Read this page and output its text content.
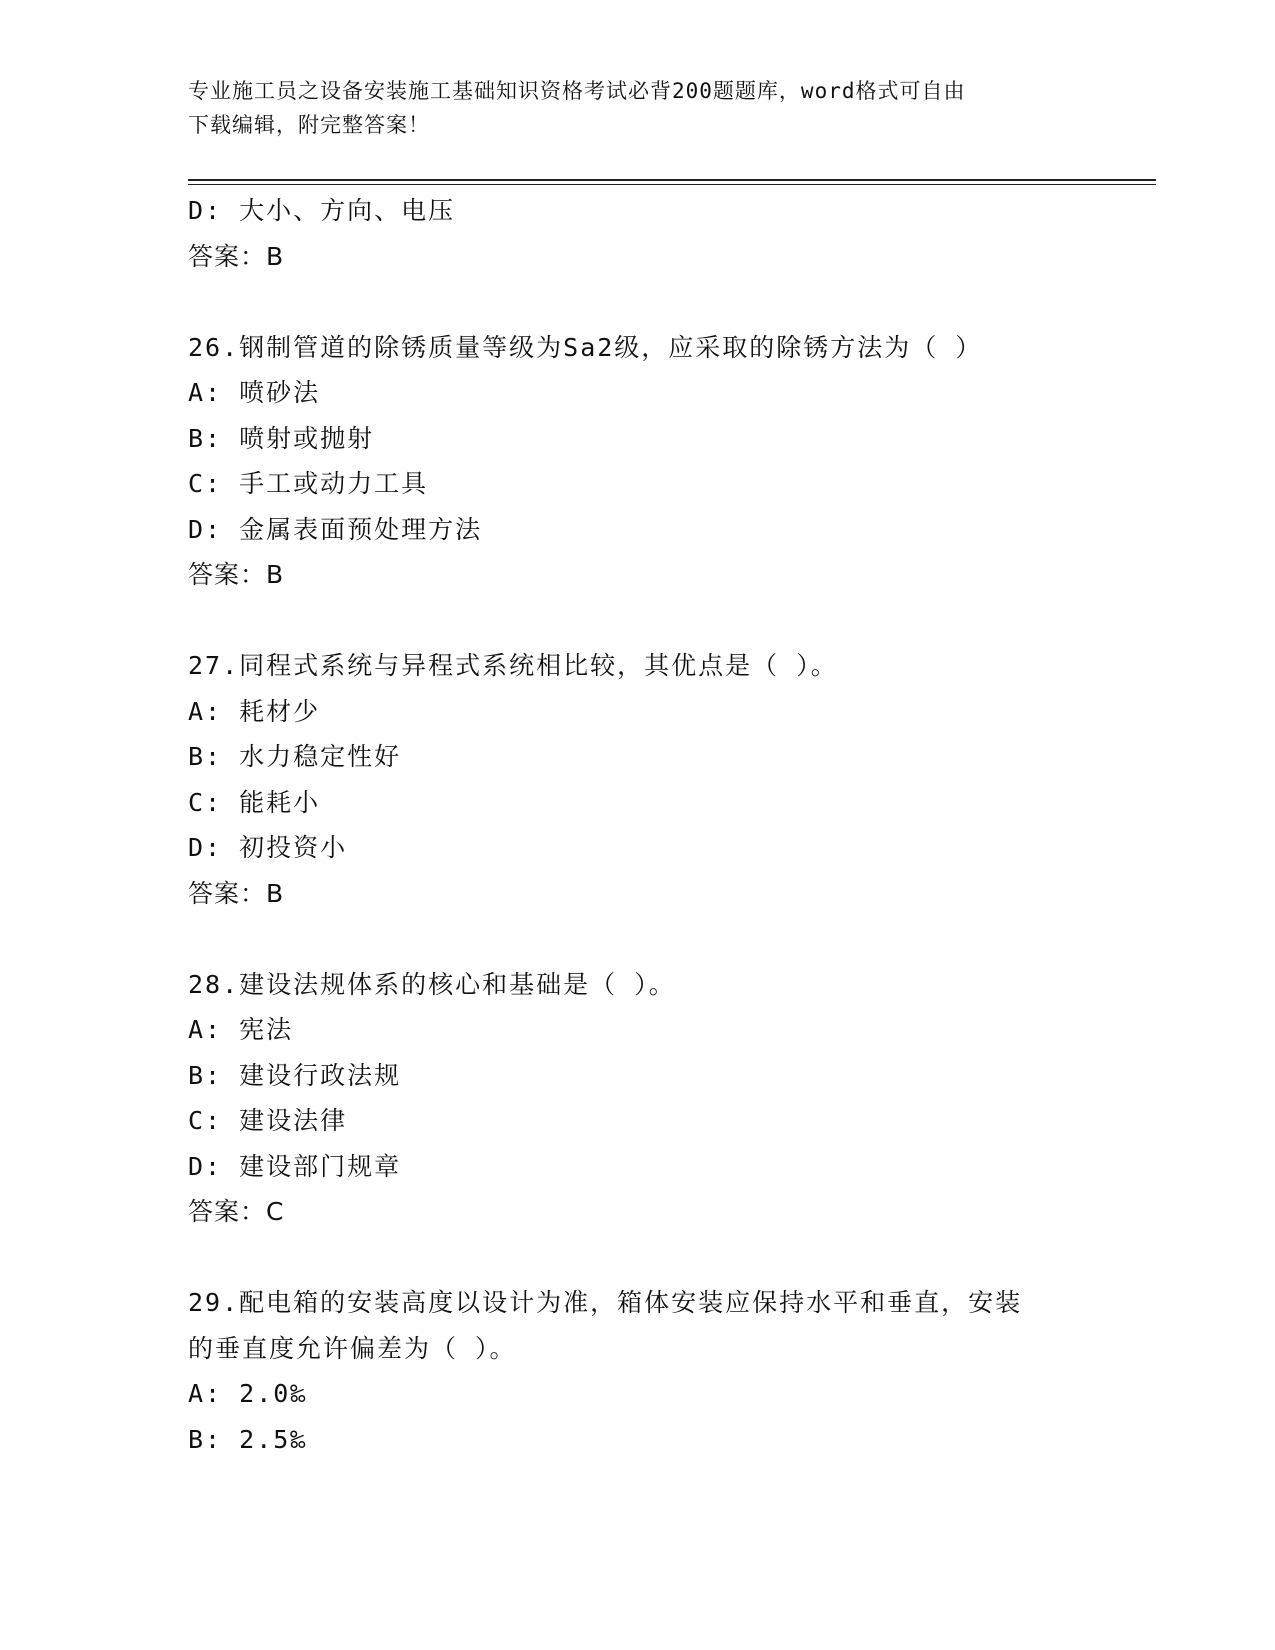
专业施工员之设备安装施工基础知识资格考试必背200题题库，word格式可自由
下载编辑，附完整答案！
D: 大小、方向、电压
答案：B
26.钢制管道的除锈质量等级为Sa2级，应采取的除锈方法为（ ）
A: 喷砂法
B: 喷射或抛射
C: 手工或动力工具
D: 金属表面预处理方法
答案：B
27.同程式系统与异程式系统相比较，其优点是（ ）。
A: 耗材少
B: 水力稳定性好
C: 能耗小
D: 初投资小
答案：B
28.建设法规体系的核心和基础是（ ）。
A: 宪法
B: 建设行政法规
C: 建设法律
D: 建设部门规章
答案：C
29.配电箱的安装高度以设计为准，箱体安装应保持水平和垂直，安装
的垂直度允许偏差为（ ）。
A: 2.0‰
B: 2.5‰
